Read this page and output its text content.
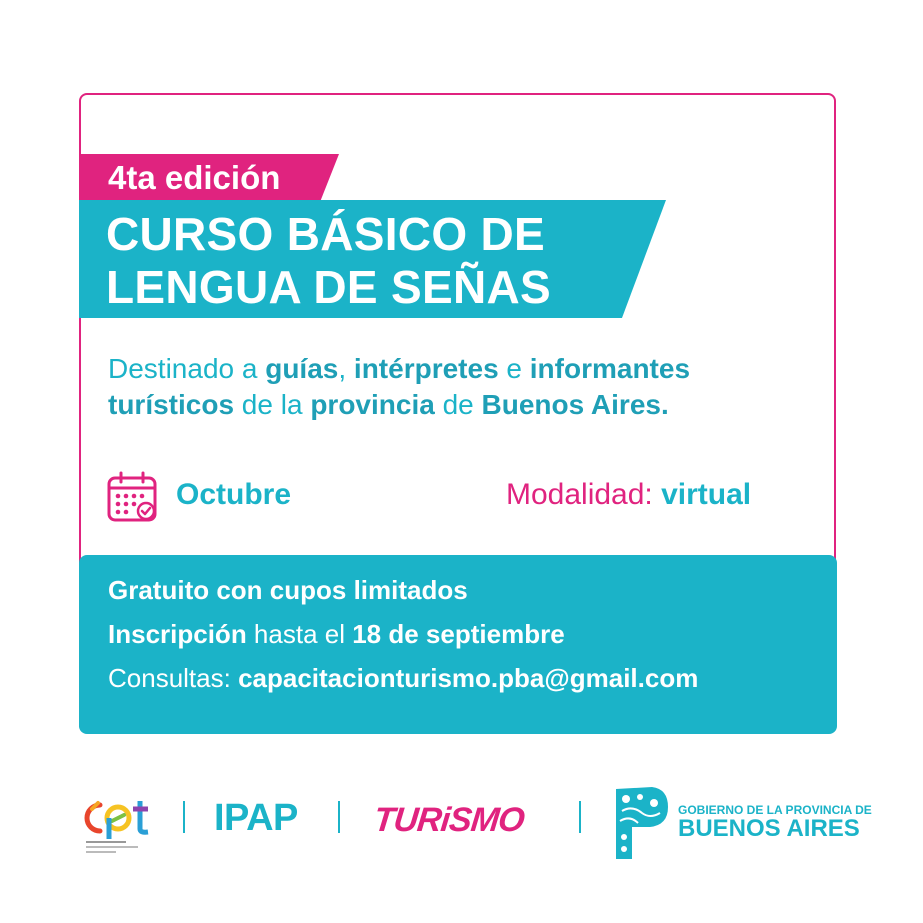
4ta edición
CURSO BÁSICO DE
LENGUA DE SEÑAS
Destinado a guías, intérpretes e informantes
turísticos de la provincia de Buenos Aires.
Octubre	Modalidad: virtual
Gratuito con cupos limitados
Inscripción hasta el 18 de septiembre
Consultas: capacitacionturismo.pba@gmail.com
IPAP TURiSMO	GOBIERNO DE LA PROVINCIA DE
BUENOS AIRES
